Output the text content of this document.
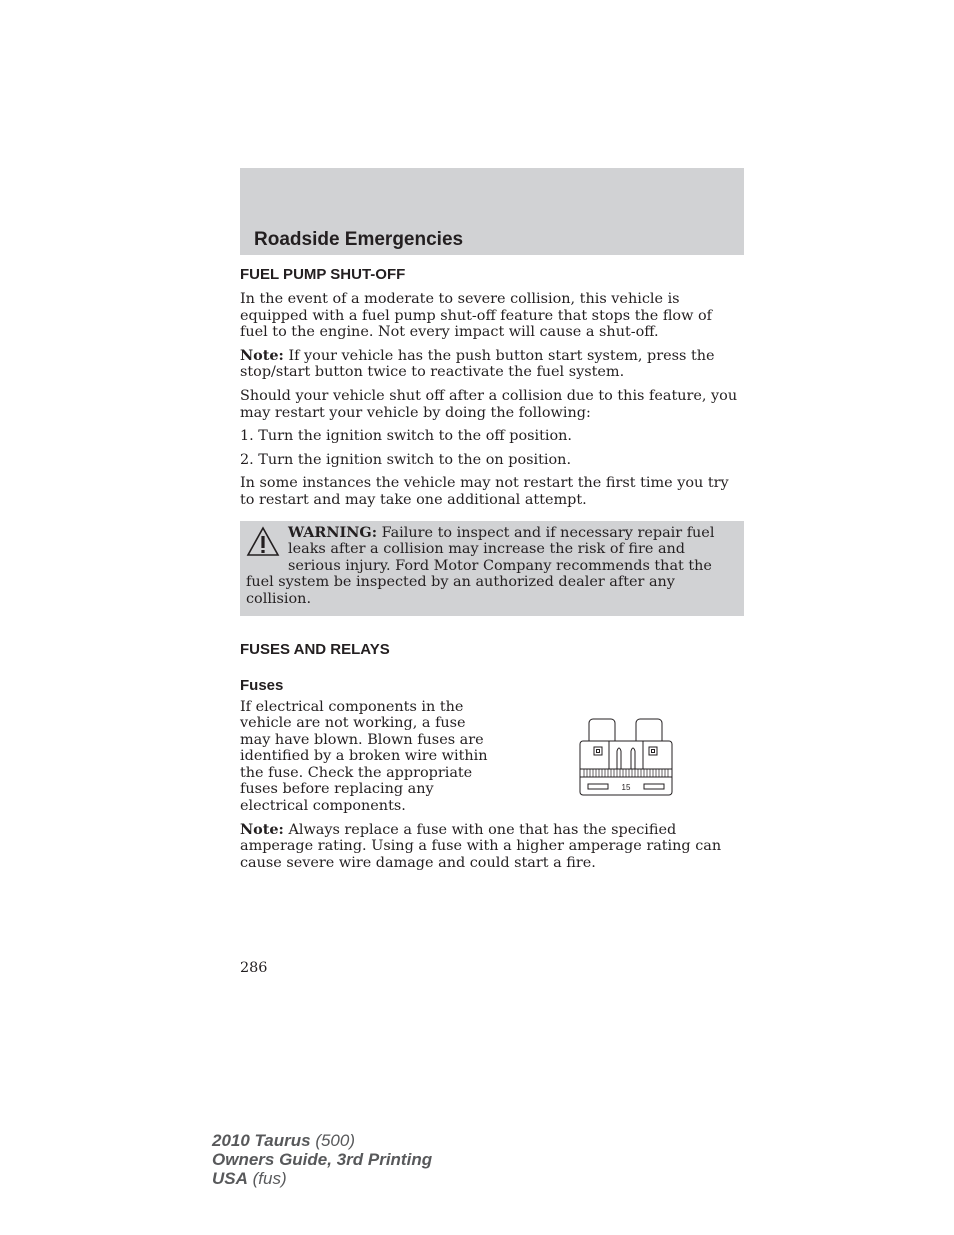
Roadside Emergencies
FUEL PUMP SHUT-OFF

In the event of a moderate to severe collision, this vehicle is equipped with a fuel pump shut-off feature that stops the flow of fuel to the engine. Not every impact will cause a shut-off.

Note: If your vehicle has the push button start system, press the stop/start button twice to reactivate the fuel system.

Should your vehicle shut off after a collision due to this feature, you may restart your vehicle by doing the following:

1. Turn the ignition switch to the off position.

2. Turn the ignition switch to the on position.

In some instances the vehicle may not restart the first time you try to restart and may take one additional attempt.

WARNING: Failure to inspect and if necessary repair fuel leaks after a collision may increase the risk of fire and serious injury. Ford Motor Company recommends that the fuel system be inspected by an authorized dealer after any collision.

FUSES AND RELAYS
Fuses

If electrical components in the vehicle are not working, a fuse may have blown. Blown fuses are identified by a broken wire within the fuse. Check the appropriate fuses before replacing any electrical components.

15

Note: Always replace a fuse with one that has the specified amperage rating. Using a fuse with a higher amperage rating can cause severe wire damage and could start a fire.

286
2010 Taurus (500)
Owners Guide, 3rd Printing
USA (fus)
